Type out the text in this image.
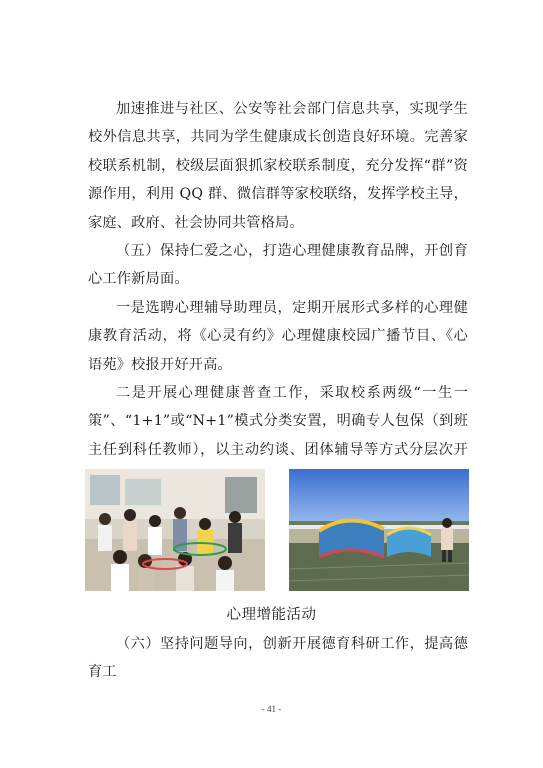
加速推进与社区、公安等社会部门信息共享，实现学生校外信息共享，共同为学生健康成长创造良好环境。完善家校联系机制，校级层面狠抓家校联系制度，充分发挥“群”资源作用，利用 QQ 群、微信群等家校联络，发挥学校主导，家庭、政府、社会协同共管格局。

（五）保持仁爱之心，打造心理健康教育品牌，开创育心工作新局面。

一是选聘心理辅导助理员，定期开展形式多样的心理健康教育活动，将《心灵有约》心理健康校园广播节目、《心语苑》校报开好开高。

二是开展心理健康普查工作，采取校系两级“一生一策”、“1+1”或“N+1”模式分类安置，明确专人包保（到班主任到科任教师），以主动约谈、团体辅导等方式分层次开

心理增能活动

（六）坚持问题导向，创新开展德育科研工作，提高德育工

- 41 -
